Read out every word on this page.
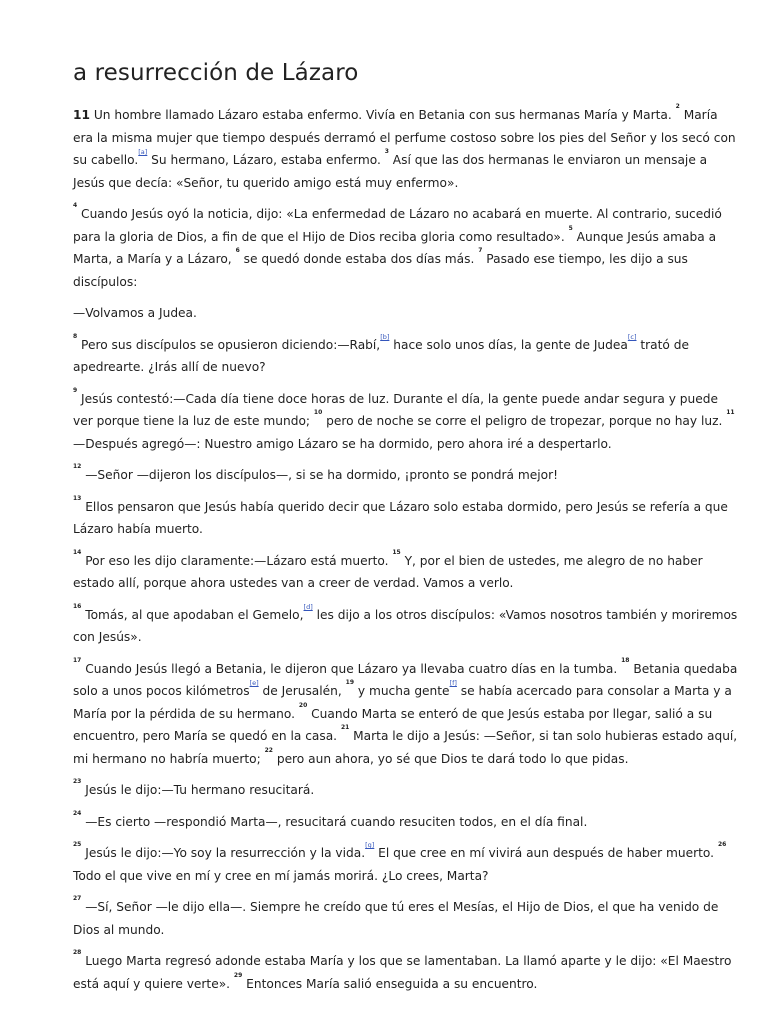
a resurrección de Lázaro

11 Un hombre llamado Lázaro estaba enfermo. Vivía en Betania con sus hermanas María y Marta. $^2$ María era la misma mujer que tiempo después derramó el perfume costoso sobre los pies del Señor y los secó con su cabello.[a] Su hermano, Lázaro, estaba enfermo. $^3$ Así que las dos hermanas le enviaron un mensaje a Jesús que decía: «Señor, tu querido amigo está muy enfermo».

$^4$ Cuando Jesús oyó la noticia, dijo: «La enfermedad de Lázaro no acabará en muerte. Al contrario, sucedió para la gloria de Dios, a fin de que el Hijo de Dios reciba gloria como resultado». $^5$ Aunque Jesús amaba a Marta, a María y a Lázaro, $^6$ se quedó donde estaba dos días más. $^7$ Pasado ese tiempo, les dijo a sus discípulos:

—Volvamos a Judea.

$^8$ Pero sus discípulos se opusieron diciendo:—Rabí,[b] hace solo unos días, la gente de Judea[c] trató de apedrearte. ¿Irás allí de nuevo?

$^9$ Jesús contestó:—Cada día tiene doce horas de luz. Durante el día, la gente puede andar segura y puede ver porque tiene la luz de este mundo; $^{10}$ pero de noche se corre el peligro de tropezar, porque no hay luz. $^{11}$ —Después agregó—: Nuestro amigo Lázaro se ha dormido, pero ahora iré a despertarlo.

$^{12}$ —Señor —dijeron los discípulos—, si se ha dormido, ¡pronto se pondrá mejor!

$^{13}$ Ellos pensaron que Jesús había querido decir que Lázaro solo estaba dormido, pero Jesús se refería a que Lázaro había muerto.

$^{14}$ Por eso les dijo claramente:—Lázaro está muerto. $^{15}$ Y, por el bien de ustedes, me alegro de no haber estado allí, porque ahora ustedes van a creer de verdad. Vamos a verlo.

$^{16}$ Tomás, al que apodaban el Gemelo,[d] les dijo a los otros discípulos: «Vamos nosotros también y moriremos con Jesús».

$^{17}$ Cuando Jesús llegó a Betania, le dijeron que Lázaro ya llevaba cuatro días en la tumba. $^{18}$ Betania quedaba solo a unos pocos kilómetros[e] de Jerusalén, $^{19}$ y mucha gente[f] se había acercado para consolar a Marta y a María por la pérdida de su hermano. $^{20}$ Cuando Marta se enteró de que Jesús estaba por llegar, salió a su encuentro, pero María se quedó en la casa. $^{21}$ Marta le dijo a Jesús: —Señor, si tan solo hubieras estado aquí, mi hermano no habría muerto; $^{22}$ pero aun ahora, yo sé que Dios te dará todo lo que pidas.

$^{23}$ Jesús le dijo:—Tu hermano resucitará.

$^{24}$ —Es cierto —respondió Marta—, resucitará cuando resuciten todos, en el día final.

$^{25}$ Jesús le dijo:—Yo soy la resurrección y la vida.[g] El que cree en mí vivirá aun después de haber muerto. $^{26}$ Todo el que vive en mí y cree en mí jamás morirá. ¿Lo crees, Marta?

$^{27}$ —Sí, Señor —le dijo ella—. Siempre he creído que tú eres el Mesías, el Hijo de Dios, el que ha venido de Dios al mundo.

$^{28}$ Luego Marta regresó adonde estaba María y los que se lamentaban. La llamó aparte y le dijo: «El Maestro está aquí y quiere verte». $^{29}$ Entonces María salió enseguida a su encuentro.
